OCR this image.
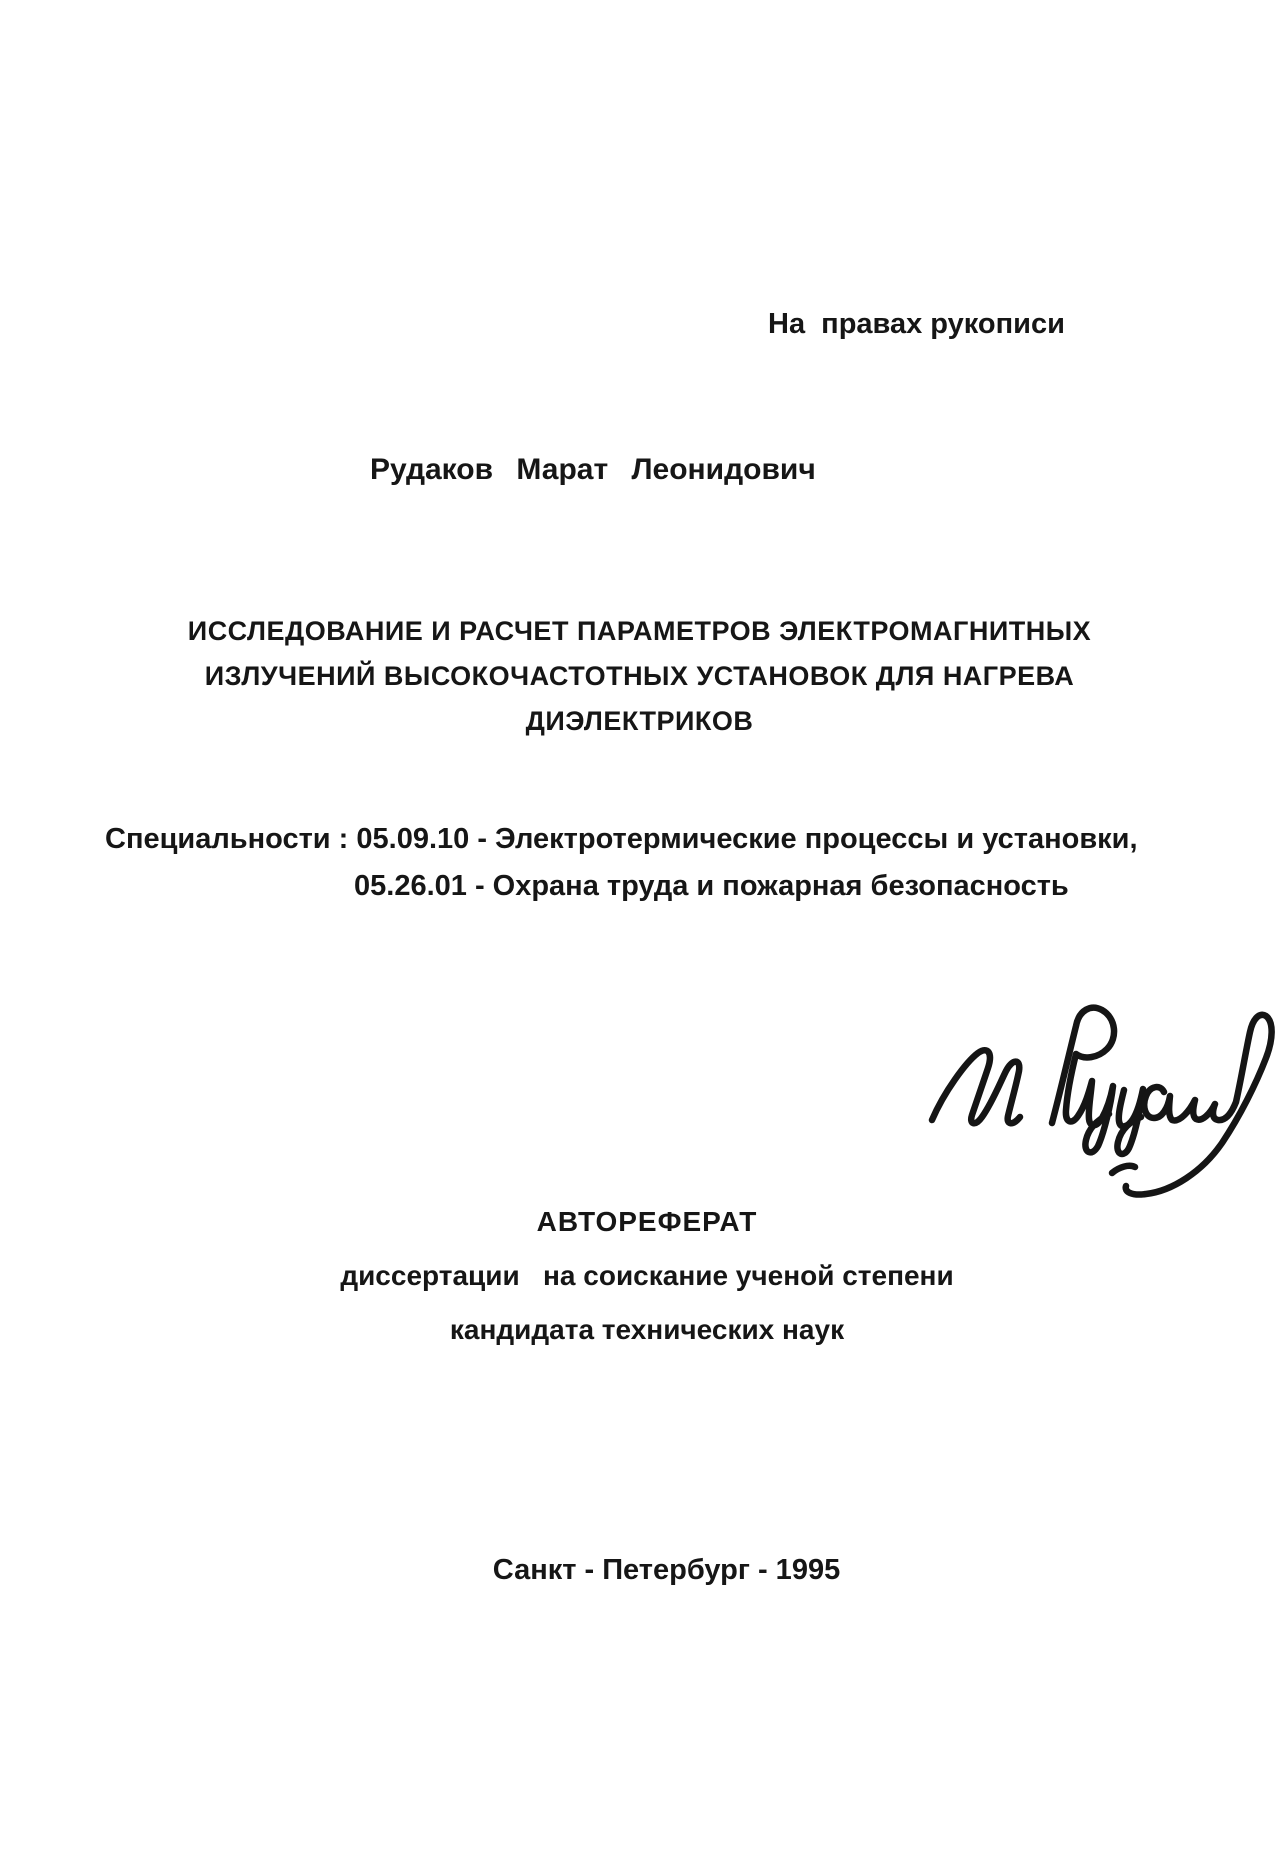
На  правах рукописи
Рудаков Марат Леонидович
ИССЛЕДОВАНИЕ И РАСЧЕТ ПАРАМЕТРОВ ЭЛЕКТРОМАГНИТНЫХ
ИЗЛУЧЕНИЙ ВЫСОКОЧАСТОТНЫХ УСТАНОВОК ДЛЯ НАГРЕВА
ДИЭЛЕКТРИКОВ
Специальности : 05.09.10 - Электротермические процессы и установки,
05.26.01 - Охрана труда и пожарная безопасность
АВТОРЕФЕРАТ
диссертации   на соискание ученой степени
кандидата технических наук
Санкт - Петербург - 1995
